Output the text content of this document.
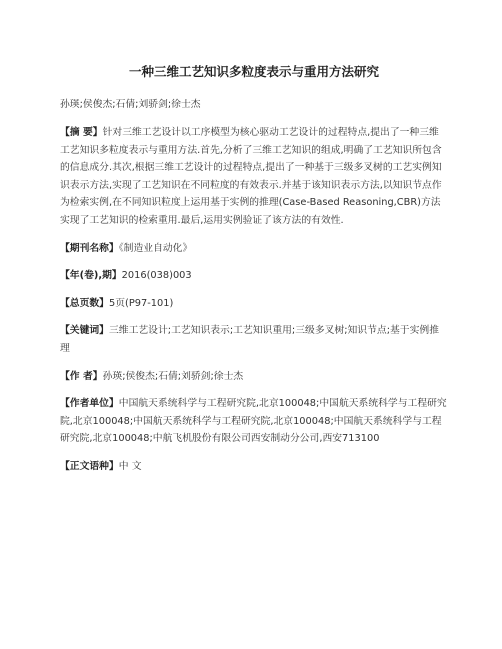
一种三维工艺知识多粒度表示与重用方法研究
孙瑛;侯俊杰;石倩;刘骄剑;徐士杰
【摘 要】针对三维工艺设计以工序模型为核心驱动工艺设计的过程特点,提出了一种三维工艺知识多粒度表示与重用方法.首先,分析了三维工艺知识的组成,明确了工艺知识所包含的信息成分.其次,根据三维工艺设计的过程特点,提出了一种基于三级多叉树的工艺实例知识表示方法,实现了工艺知识在不同粒度的有效表示.并基于该知识表示方法,以知识节点作为检索实例,在不同知识粒度上运用基于实例的推理(Case-Based Reasoning,CBR)方法实现了工艺知识的检索重用.最后,运用实例验证了该方法的有效性.
【期刊名称】《制造业自动化》
【年(卷),期】2016(038)003
【总页数】5页(P97-101)
【关键词】三维工艺设计;工艺知识表示;工艺知识重用;三级多叉树;知识节点;基于实例推理
【作 者】孙瑛;侯俊杰;石倩;刘骄剑;徐士杰
【作者单位】中国航天系统科学与工程研究院,北京100048;中国航天系统科学与工程研究院,北京100048;中国航天系统科学与工程研究院,北京100048;中国航天系统科学与工程研究院,北京100048;中航飞机股份有限公司西安制动分公司,西安713100
【正文语种】中 文
